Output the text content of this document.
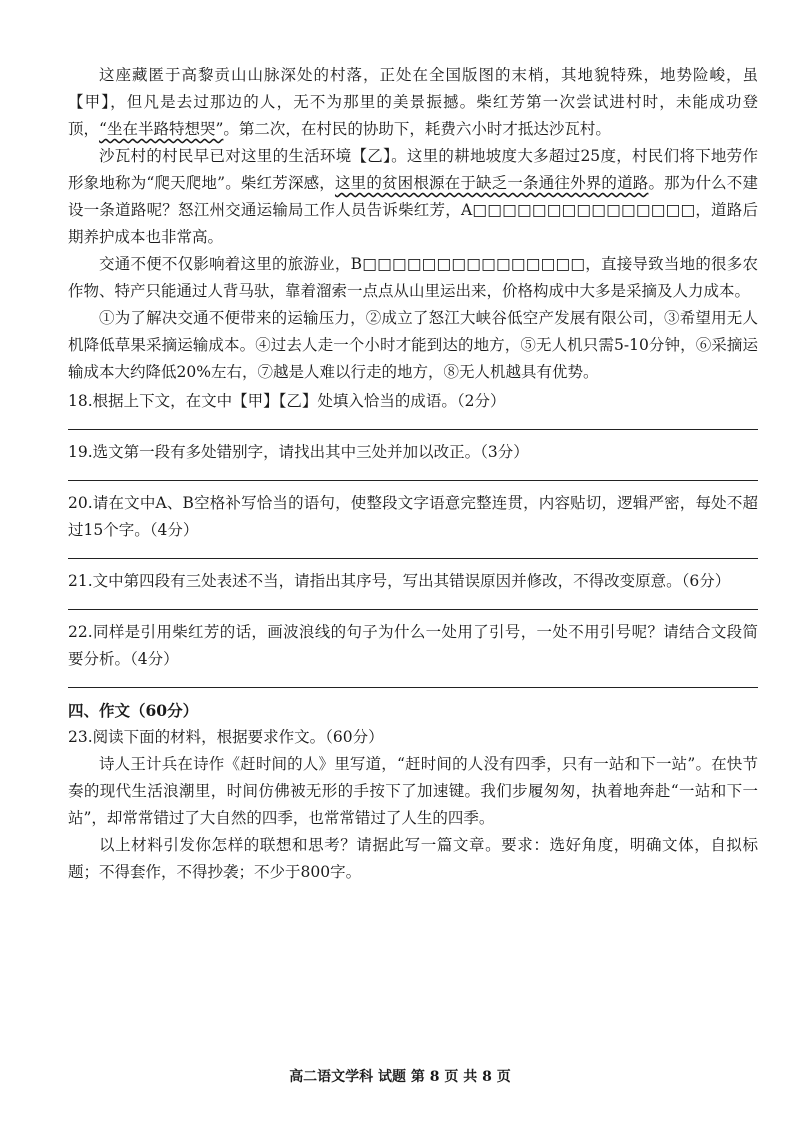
这座藏匿于高黎贡山山脉深处的村落，正处在全国版图的末梢，其地貌特殊，地势险峻，虽【甲】，但凡是去过那边的人，无不为那里的美景振撼。柴红芳第一次尝试进村时，未能成功登顶，“坐在半路特想哭”。第二次，在村民的协助下，耗费六小时才抵达沙瓦村。

沙瓦村的村民早已对这里的生活环境【乙】。这里的耕地坡度大多超过25度，村民们将下地劳作形象地称为“爬天爬地”。柴红芳深感，这里的贫困根源在于缺乏一条通往外界的道路。那为什么不建设一条道路呢？怒江州交通运输局工作人员告诉柴红芳，A□□□□□□□□□□□□□□□，道路后期养护成本也非常高。

交通不便不仅影响着这里的旅游业，B□□□□□□□□□□□□□□□，直接导致当地的很多农作物、特产只能通过人背马驮，靠着溜索一点点从山里运出来，价格构成中大多是采摘及人力成本。

①为了解决交通不便带来的运输压力，②成立了怒江大峡谷低空产发展有限公司，③希望用无人机降低草果采摘运输成本。④过去人走一个小时才能到达的地方，⑤无人机只需5-10分钟，⑥采摘运输成本大约降低20%左右，⑦越是人难以行走的地方，⑧无人机越具有优势。

18.根据上下文，在文中【甲】【乙】处填入恰当的成语。（2分）

19.选文第一段有多处错别字，请找出其中三处并加以改正。（3分）

20.请在文中A、B空格补写恰当的语句，使整段文字语意完整连贯，内容贴切，逻辑严密，每处不超过15个字。（4分）

21.文中第四段有三处表述不当，请指出其序号，写出其错误原因并修改，不得改变原意。（6分）

22.同样是引用柴红芳的话，画波浪线的句子为什么一处用了引号，一处不用引号呢？请结合文段简要分析。（4分）

四、作文（60分）

23.阅读下面的材料，根据要求作文。（60分）

诗人王计兵在诗作《赶时间的人》里写道，“赶时间的人没有四季，只有一站和下一站”。在快节奏的现代生活浪潮里，时间仿佛被无形的手按下了加速键。我们步履匆匆，执着地奔赴“一站和下一站”，却常常错过了大自然的四季，也常常错过了人生的四季。

以上材料引发你怎样的联想和思考？请据此写一篇文章。要求：选好角度，明确文体，自拟标题；不得套作，不得抄袭；不少于800字。

高二语文学科 试题 第 8 页 共 8 页
